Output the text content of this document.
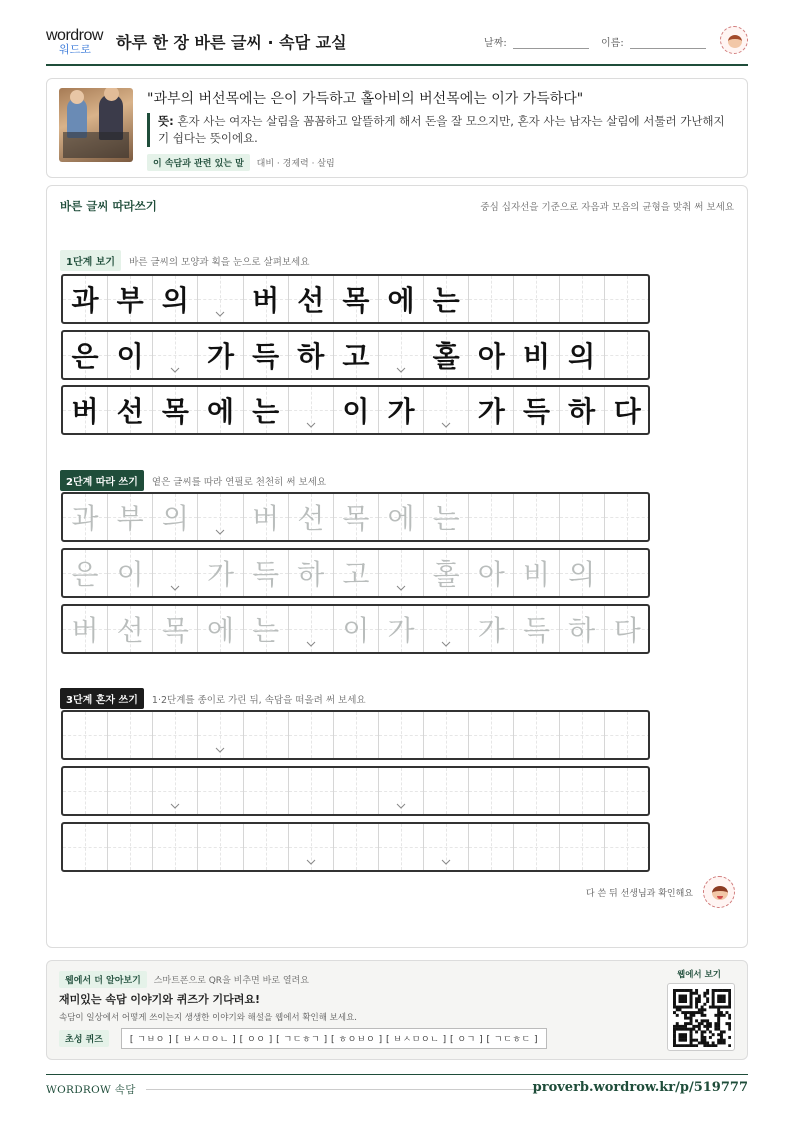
wordrow
워드로	하루 한 장 바른 글씨 · 속담 교실	날짜:	이름:
"과부의 버선목에는 은이 가득하고 홀아비의 버선목에는 이가 가득하다"
뜻: 혼자 사는 여자는 살림을 꼼꼼하고 알뜰하게 해서 돈을 잘 모으지만, 혼자 사는 남자는 살림에 서툴러 가난해지기 쉽다는 뜻이에요.
이 속담과 관련 있는 말 대비 · 경제력 · 살림
바른 글씨 따라쓰기	중심 십자선을 기준으로 자음과 모음의 균형을 맞춰 써 보세요
1단계 보기 바른 글씨의 모양과 획을 눈으로 살펴보세요
과 부 의 버 선 목 에 는
은 이 가 득 하 고 홀 아 비 의
버 선 목 에 는 이 가 가 득 하 다
2단계 따라 쓰기 옅은 글씨를 따라 연필로 천천히 써 보세요
과 부 의 버 선 목 에 는
은 이 가 득 하 고 홀 아 비 의
버 선 목 에 는 이 가 가 득 하 다
3단계 혼자 쓰기 1·2단계를 종이로 가린 뒤, 속담을 떠올려 써 보세요
다 쓴 뒤 선생님과 확인해요
웹에서 더 알아보기 스마트폰으로 QR을 비추면 바로 열려요
재미있는 속담 이야기와 퀴즈가 기다려요!
속담이 일상에서 어떻게 쓰이는지 생생한 이야기와 해설을 웹에서 확인해 보세요.
초성 퀴즈	[ ㄱㅂㅇ ] [ ㅂㅅㅁㅇㄴ ] [ ㅇㅇ ] [ ㄱㄷㅎㄱ ] [ ㅎㅇㅂㅇ ] [ ㅂㅅㅁㅇㄴ ] [ ㅇㄱ ] [ ㄱㄷㅎㄷ ]
웹에서 보기
WORDROW 속담	proverb.wordrow.kr/p/519777
